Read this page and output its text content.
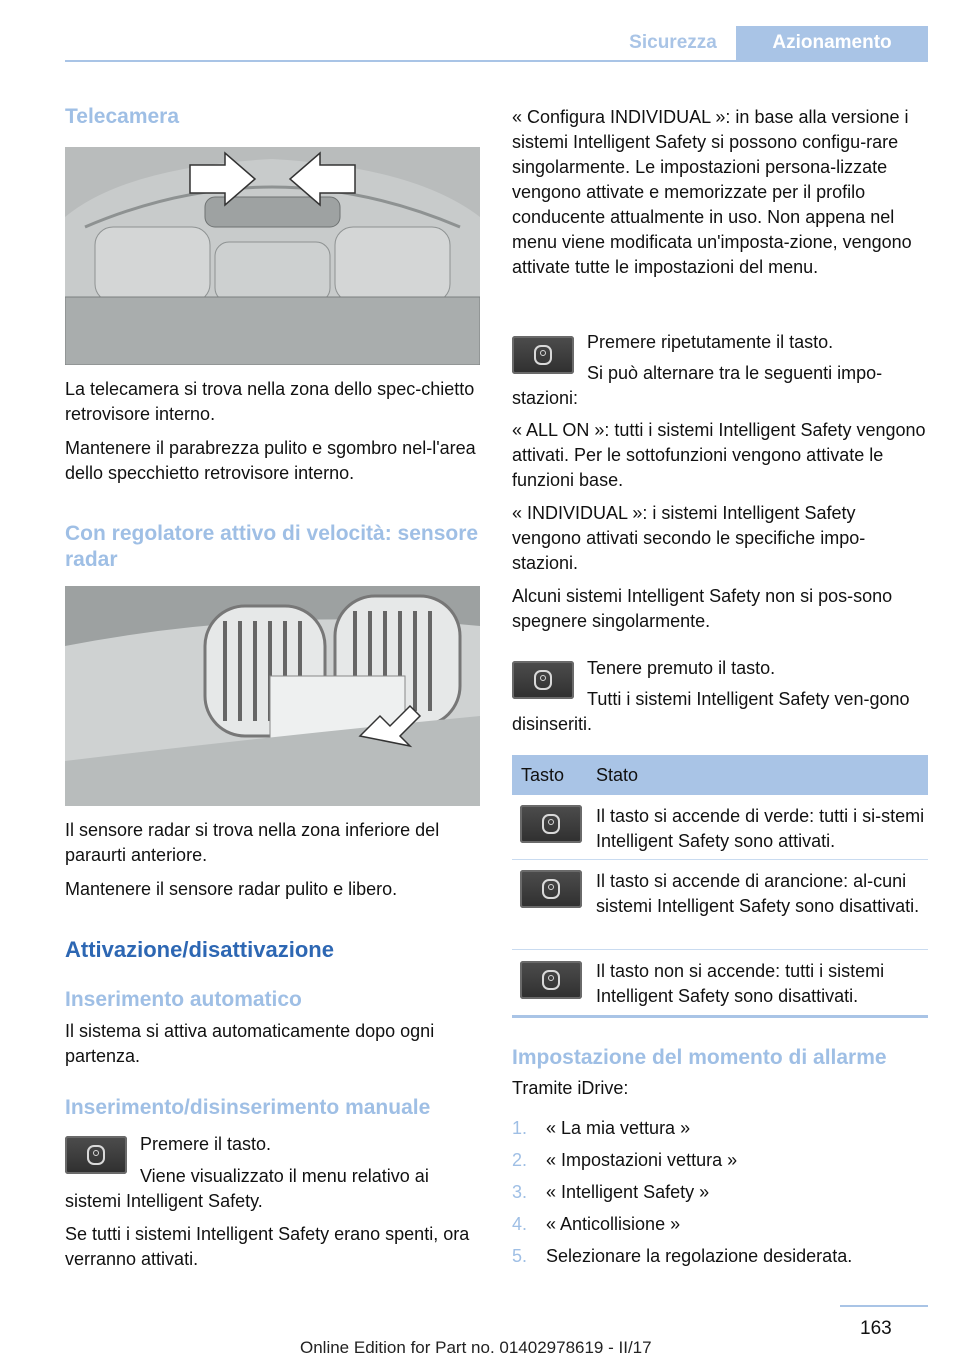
Sicurezza	Azionamento
Telecamera

La telecamera si trova nella zona dello spec-chietto retrovisore interno.

Mantenere il parabrezza pulito e sgombro nel-l'area dello specchietto retrovisore interno.

Con regolatore attivo di velocità: sensore radar

Il sensore radar si trova nella zona inferiore del paraurti anteriore.

Mantenere il sensore radar pulito e libero.

Attivazione/disattivazione
Inserimento automatico

Il sistema si attiva automaticamente dopo ogni partenza.

Inserimento/disinserimento manuale

Premere il tasto.

Viene visualizzato il menu relativo ai sistemi Intelligent Safety.

Se tutti i sistemi Intelligent Safety erano spenti, ora verranno attivati.

« Configura INDIVIDUAL »: in base alla versione i sistemi Intelligent Safety si possono configu-rare singolarmente. Le impostazioni persona-lizzate vengono attivate e memorizzate per il profilo conducente attualmente in uso. Non appena nel menu viene modificata un'imposta-zione, vengono attivate tutte le impostazioni del menu.

Premere ripetutamente il tasto.

Si può alternare tra le seguenti impo-stazioni:

« ALL ON »: tutti i sistemi Intelligent Safety vengono attivati. Per le sottofunzioni vengono attivate le funzioni base.

« INDIVIDUAL »: i sistemi Intelligent Safety vengono attivati secondo le specifiche impo-stazioni.

Alcuni sistemi Intelligent Safety non si pos-sono spegnere singolarmente.

Tenere premuto il tasto.

Tutti i sistemi Intelligent Safety ven-gono disinseriti.

Tasto Stato

Il tasto si accende di verde: tutti i si-stemi Intelligent Safety sono attivati.

Il tasto si accende di arancione: al-cuni sistemi Intelligent Safety sono disattivati.

Il tasto non si accende: tutti i sistemi Intelligent Safety sono disattivati.

Impostazione del momento di allarme

Tramite iDrive:

1. « La mia vettura »
2. « Impostazioni vettura »
3. « Intelligent Safety »
4. « Anticollisione »
5. Selezionare la regolazione desiderata.
163
Online Edition for Part no. 01402978619 - II/17
